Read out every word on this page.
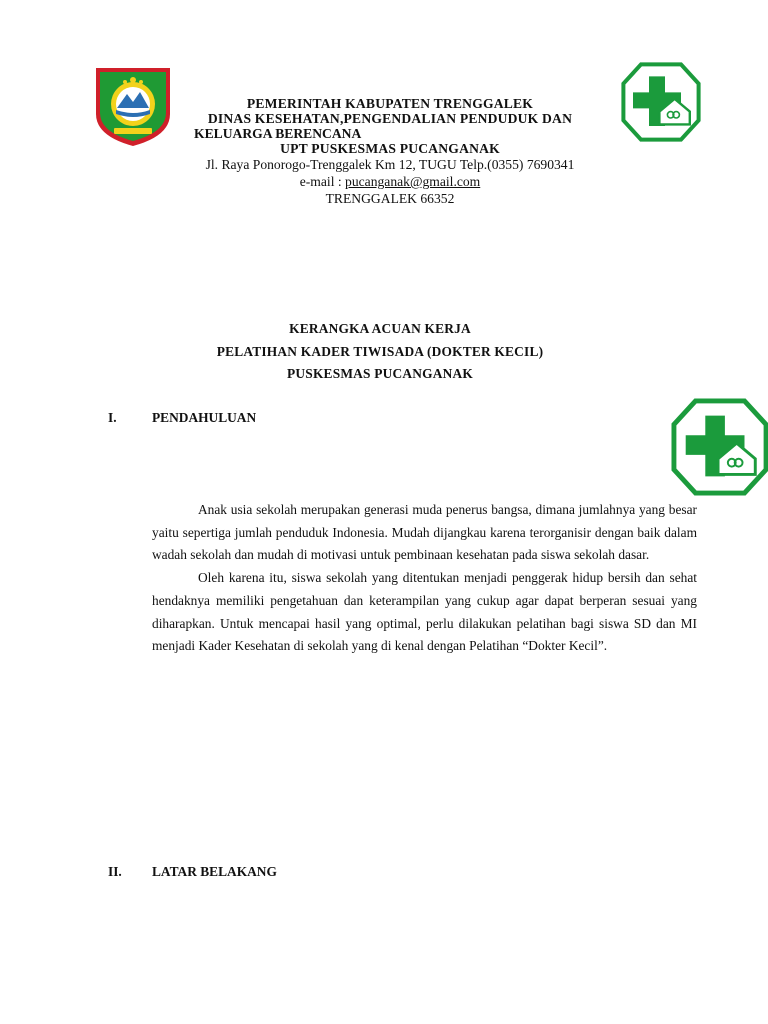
PEMERINTAH KABUPATEN TRENGGALEK
DINAS KESEHATAN,PENGENDALIAN PENDUDUK DAN
KELUARGA BERENCANA
UPT PUSKESMAS PUCANGANAK
Jl. Raya Ponorogo-Trenggalek Km 12, TUGU Telp.(0355) 7690341
e-mail : pucanganak@gmail.com
TRENGGALEK 66352
KERANGKA ACUAN KERJA
PELATIHAN KADER TIWISADA (DOKTER KECIL)
PUSKESMAS PUCANGANAK
I.	PENDAHULUAN

Anak usia sekolah merupakan generasi muda penerus bangsa, dimana jumlahnya yang besar yaitu sepertiga jumlah penduduk Indonesia. Mudah dijangkau karena terorganisir dengan baik dalam wadah sekolah dan mudah di motivasi untuk pembinaan kesehatan pada siswa sekolah dasar.

Oleh karena itu, siswa sekolah yang ditentukan menjadi penggerak hidup bersih dan sehat hendaknya memiliki pengetahuan dan keterampilan yang cukup agar dapat berperan sesuai yang diharapkan. Untuk mencapai hasil yang optimal, perlu dilakukan pelatihan bagi siswa SD dan MI menjadi Kader Kesehatan di sekolah yang di kenal dengan Pelatihan “Dokter Kecil”.

II. LATAR BELAKANG
